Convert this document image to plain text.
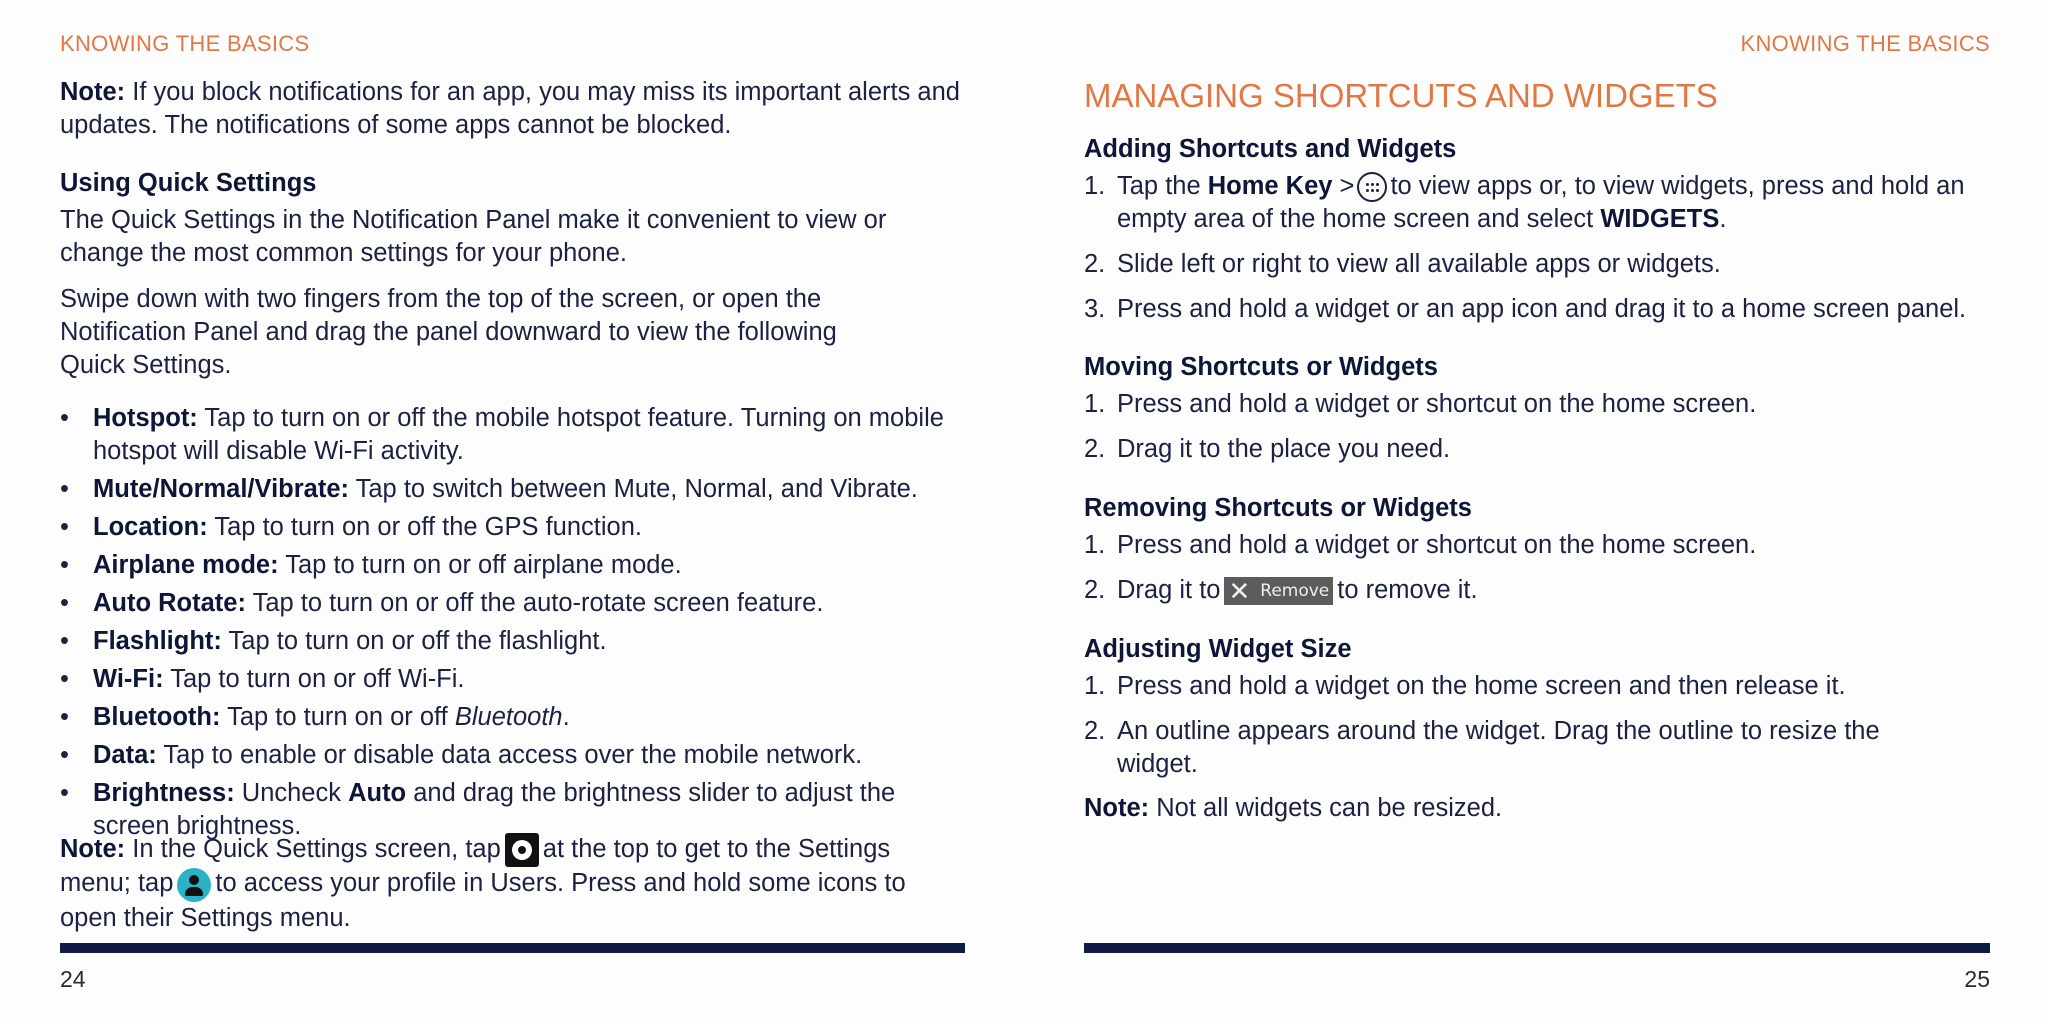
KNOWING THE BASICS

Note: If you block notifications for an app, you may miss its important alerts and updates. The notifications of some apps cannot be blocked.

Using Quick Settings

The Quick Settings in the Notification Panel make it convenient to view or change the most common settings for your phone.

Swipe down with two fingers from the top of the screen, or open the Notification Panel and drag the panel downward to view the following Quick Settings.

• Hotspot: Tap to turn on or off the mobile hotspot feature. Turning on mobile hotspot will disable Wi-Fi activity.
• Mute/Normal/Vibrate: Tap to switch between Mute, Normal, and Vibrate.
• Location: Tap to turn on or off the GPS function.
• Airplane mode: Tap to turn on or off airplane mode.
• Auto Rotate: Tap to turn on or off the auto-rotate screen feature.
• Flashlight: Tap to turn on or off the flashlight.
• Wi-Fi: Tap to turn on or off Wi-Fi.
• Bluetooth: Tap to turn on or off Bluetooth.
• Data: Tap to enable or disable data access over the mobile network.
• Brightness: Uncheck Auto and drag the brightness slider to adjust the screen brightness.

Note: In the Quick Settings screen, tap at the top to get to the Settings menu; tap to access your profile in Users. Press and hold some icons to open their Settings menu.

24
KNOWING THE BASICS
MANAGING SHORTCUTS AND WIDGETS

Adding Shortcuts and Widgets

1. Tap the Home Key > to view apps or, to view widgets, press and hold an empty area of the home screen and select WIDGETS.
2. Slide left or right to view all available apps or widgets.
3. Press and hold a widget or an app icon and drag it to a home screen panel.

Moving Shortcuts or Widgets

1. Press and hold a widget or shortcut on the home screen.
2. Drag it to the place you need.

Removing Shortcuts or Widgets

1. Press and hold a widget or shortcut on the home screen.
2. Drag it to ✕ Remove to remove it.

Adjusting Widget Size

1. Press and hold a widget on the home screen and then release it.
2. An outline appears around the widget. Drag the outline to resize the widget.

Note: Not all widgets can be resized.

25
